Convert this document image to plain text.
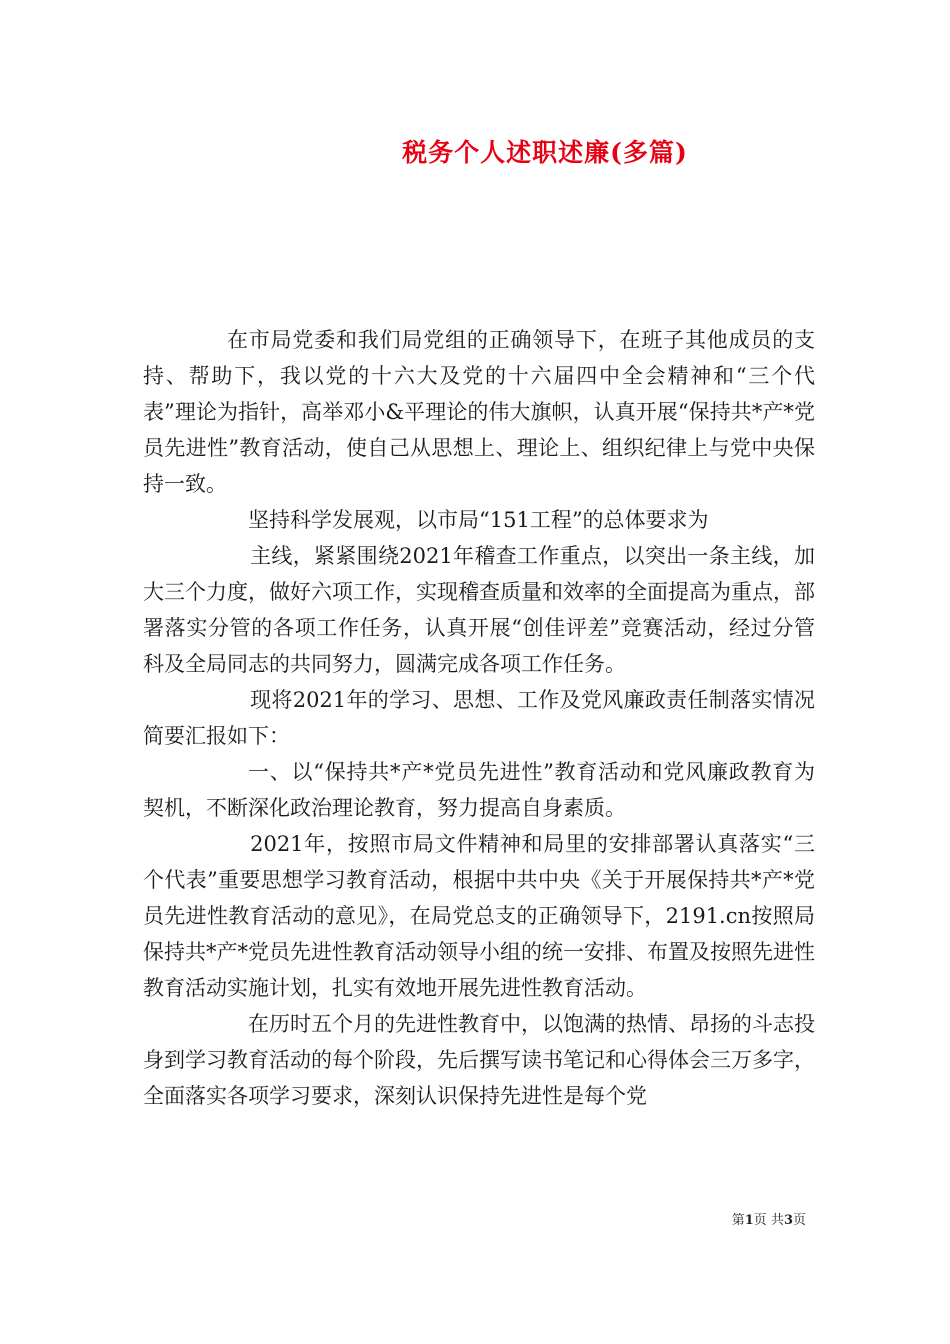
税务个人述职述廉(多篇)

在市局党委和我们局党组的正确领导下，在班子其他成员的支持、帮助下，我以党的十六大及党的十六届四中全会精神和“三个代表”理论为指针，高举邓小&平理论的伟大旗帜，认真开展“保持共*产*党员先进性”教育活动，使自己从思想上、理论上、组织纪律上与党中央保持一致。

坚持科学发展观，以市局“151工程”的总体要求为

主线，紧紧围绕2021年稽查工作重点，以突出一条主线，加大三个力度，做好六项工作，实现稽查质量和效率的全面提高为重点，部署落实分管的各项工作任务，认真开展“创佳评差”竞赛活动，经过分管科及全局同志的共同努力，圆满完成各项工作任务。

现将2021年的学习、思想、工作及党风廉政责任制落实情况简要汇报如下：

一、以“保持共*产*党员先进性”教育活动和党风廉政教育为契机，不断深化政治理论教育，努力提高自身素质。

2021年，按照市局文件精神和局里的安排部署认真落实“三个代表”重要思想学习教育活动，根据中共中央《关于开展保持共*产*党员先进性教育活动的意见》，在局党总支的正确领导下，2191.cn按照局保持共*产*党员先进性教育活动领导小组的统一安排、布置及按照先进性教育活动实施计划，扎实有效地开展先进性教育活动。

在历时五个月的先进性教育中，以饱满的热情、昂扬的斗志投身到学习教育活动的每个阶段，先后撰写读书笔记和心得体会三万多字，全面落实各项学习要求，深刻认识保持先进性是每个党

第1页 共3页
